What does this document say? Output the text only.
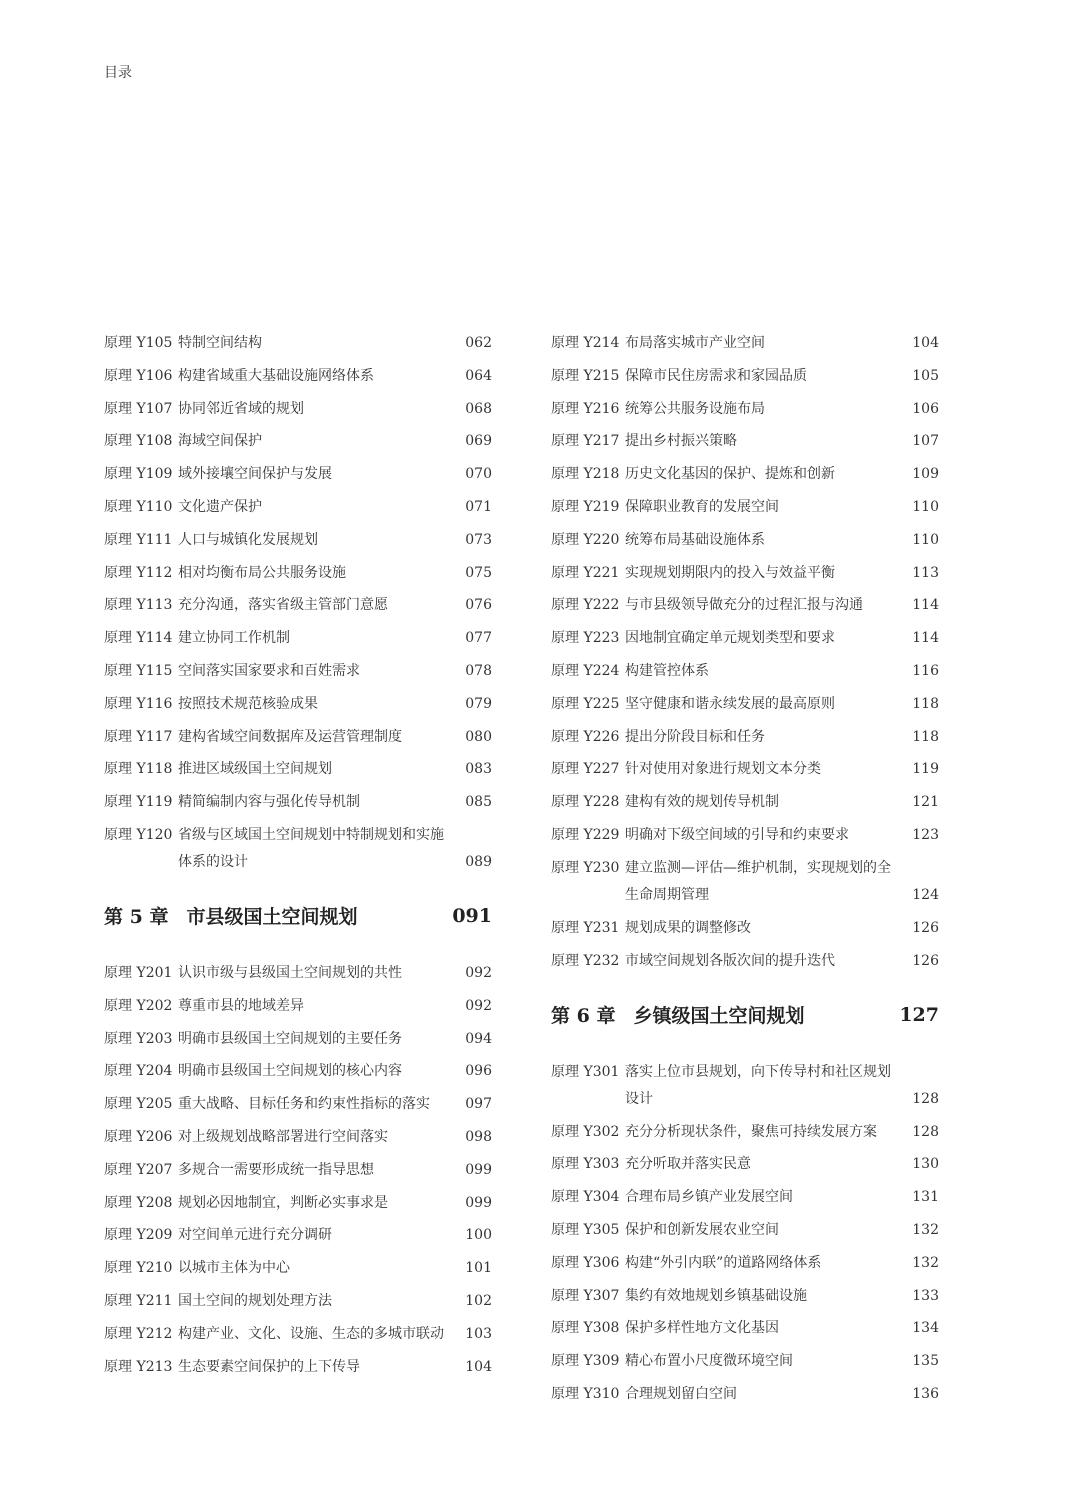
目录
原理 Y105 特制空间结构	062
原理 Y106 构建省域重大基础设施网络体系	064
原理 Y107 协同邻近省域的规划	068
原理 Y108 海域空间保护	069
原理 Y109 域外接壤空间保护与发展	070
原理 Y110 文化遗产保护	071
原理 Y111 人口与城镇化发展规划	073
原理 Y112 相对均衡布局公共服务设施	075
原理 Y113 充分沟通，落实省级主管部门意愿	076
原理 Y114 建立协同工作机制	077
原理 Y115 空间落实国家要求和百姓需求	078
原理 Y116 按照技术规范核验成果	079
原理 Y117 建构省域空间数据库及运营管理制度	080
原理 Y118 推进区域级国土空间规划	083
原理 Y119 精简编制内容与强化传导机制	085
原理 Y120 省级与区域国土空间规划中特制规划和实施体系的设计	089
第 5 章 市县级国土空间规划	091
原理 Y201 认识市级与县级国土空间规划的共性	092
原理 Y202 尊重市县的地域差异	092
原理 Y203 明确市县级国土空间规划的主要任务	094
原理 Y204 明确市县级国土空间规划的核心内容	096
原理 Y205 重大战略、目标任务和约束性指标的落实	097
原理 Y206 对上级规划战略部署进行空间落实	098
原理 Y207 多规合一需要形成统一指导思想	099
原理 Y208 规划必因地制宜，判断必实事求是	099
原理 Y209 对空间单元进行充分调研	100
原理 Y210 以城市主体为中心	101
原理 Y211 国土空间的规划处理方法	102
原理 Y212 构建产业、文化、设施、生态的多城市联动	103
原理 Y213 生态要素空间保护的上下传导	104
原理 Y214 布局落实城市产业空间	104
原理 Y215 保障市民住房需求和家园品质	105
原理 Y216 统筹公共服务设施布局	106
原理 Y217 提出乡村振兴策略	107
原理 Y218 历史文化基因的保护、提炼和创新	109
原理 Y219 保障职业教育的发展空间	110
原理 Y220 统筹布局基础设施体系	110
原理 Y221 实现规划期限内的投入与效益平衡	113
原理 Y222 与市县级领导做充分的过程汇报与沟通	114
原理 Y223 因地制宜确定单元规划类型和要求	114
原理 Y224 构建管控体系	116
原理 Y225 坚守健康和谐永续发展的最高原则	118
原理 Y226 提出分阶段目标和任务	118
原理 Y227 针对使用对象进行规划文本分类	119
原理 Y228 建构有效的规划传导机制	121
原理 Y229 明确对下级空间域的引导和约束要求	123
原理 Y230 建立监测—评估—维护机制，实现规划的全生命周期管理	124
原理 Y231 规划成果的调整修改	126
原理 Y232 市域空间规划各版次间的提升迭代	126
第 6 章 乡镇级国土空间规划	127
原理 Y301 落实上位市县规划，向下传导村和社区规划设计	128
原理 Y302 充分分析现状条件，聚焦可持续发展方案	128
原理 Y303 充分听取并落实民意	130
原理 Y304 合理布局乡镇产业发展空间	131
原理 Y305 保护和创新发展农业空间	132
原理 Y306 构建“外引内联”的道路网络体系	132
原理 Y307 集约有效地规划乡镇基础设施	133
原理 Y308 保护多样性地方文化基因	134
原理 Y309 精心布置小尺度微环境空间	135
原理 Y310 合理规划留白空间	136
